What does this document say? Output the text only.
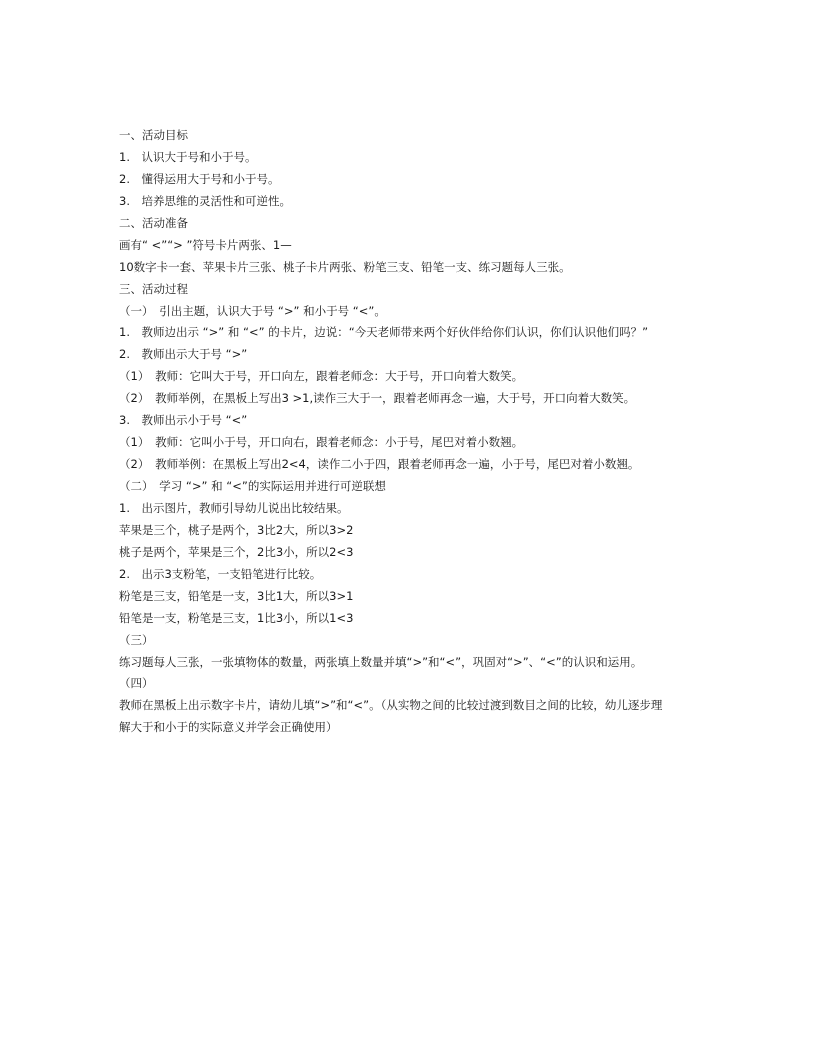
一、活动目标
1.　认识大于号和小于号。
2.　懂得运用大于号和小于号。
3.　培养思维的灵活性和可逆性。
二、活动准备
画有“ <”“> ”符号卡片两张、1—
10数字卡一套、苹果卡片三张、桃子卡片两张、粉笔三支、铅笔一支、练习题每人三张。
三、活动过程
（一）　引出主题，认识大于号 “>” 和小于号 “<”。
1.　教师边出示 “>” 和 “<” 的卡片，边说：“今天老师带来两个好伙伴给你们认识，你们认识他们吗？”
2.　教师出示大于号 “>”
（1）　教师：它叫大于号，开口向左，跟着老师念：大于号，开口向着大数笑。
（2）　教师举例，在黑板上写出3 >1,读作三大于一，跟着老师再念一遍，大于号，开口向着大数笑。
3.　教师出示小于号 “<”
（1）　教师：它叫小于号，开口向右，跟着老师念：小于号，尾巴对着小数翘。
（2）　教师举例：在黑板上写出2<4，读作二小于四，跟着老师再念一遍，小于号，尾巴对着小数翘。
（二）　学习 “>” 和 “<”的实际运用并进行可逆联想
1.　出示图片，教师引导幼儿说出比较结果。
苹果是三个，桃子是两个，3比2大，所以3>2
桃子是两个，苹果是三个，2比3小，所以2<3
2.　出示3支粉笔，一支铅笔进行比较。
粉笔是三支，铅笔是一支，3比1大，所以3>1
铅笔是一支，粉笔是三支，1比3小，所以1<3
（三）
练习题每人三张，一张填物体的数量，两张填上数量并填“>”和“<”，巩固对“>”、“<”的认识和运用。
（四）
教师在黑板上出示数字卡片，请幼儿填“>”和“<”。（从实物之间的比较过渡到数目之间的比较，幼儿逐步理
解大于和小于的实际意义并学会正确使用）
